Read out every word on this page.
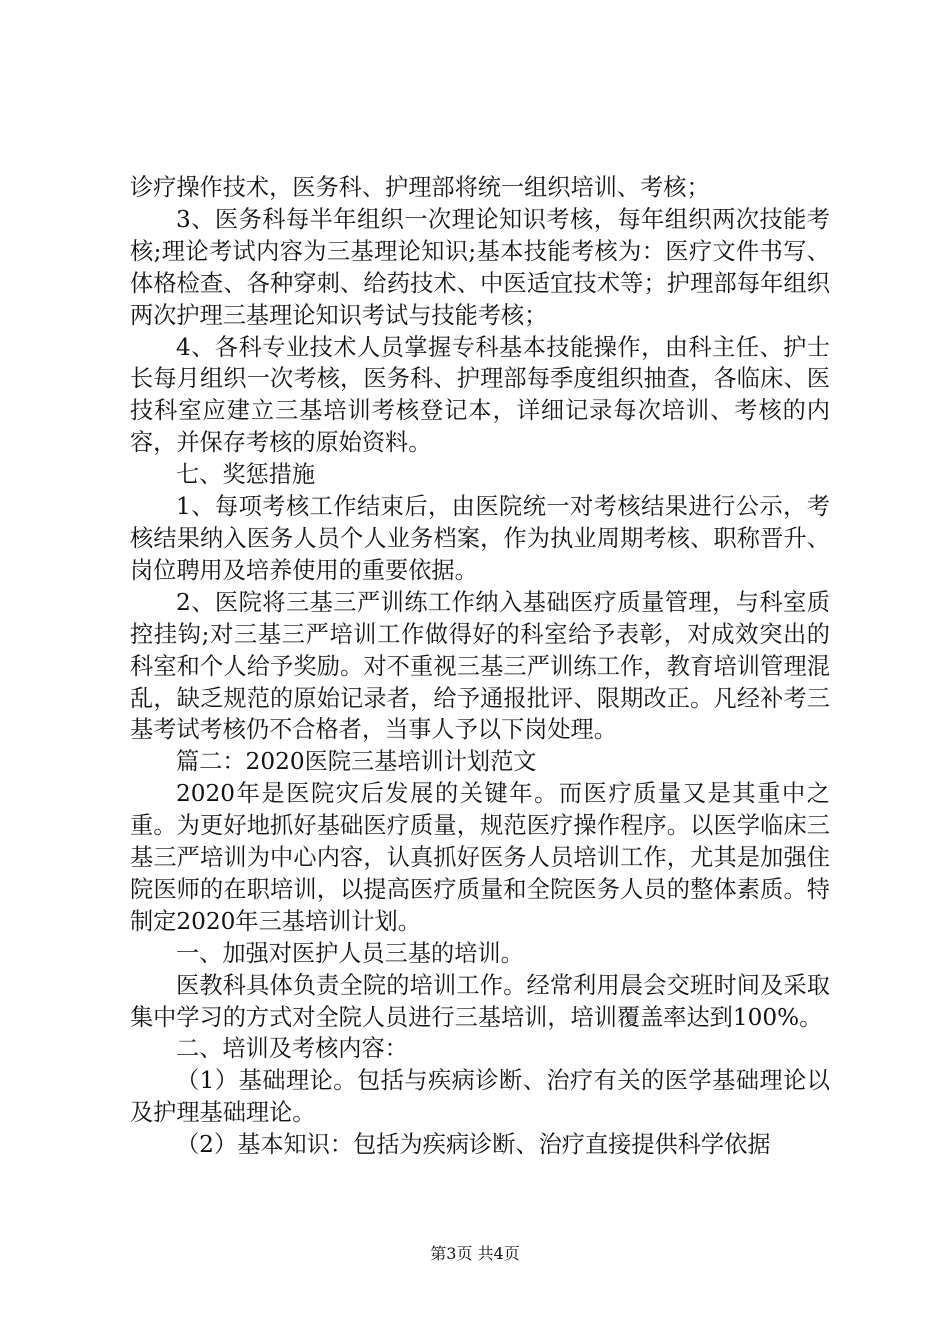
诊疗操作技术，医务科、护理部将统一组织培训、考核；

3、医务科每半年组织一次理论知识考核，每年组织两次技能考核;理论考试内容为三基理论知识;基本技能考核为：医疗文件书写、体格检查、各种穿刺、给药技术、中医适宜技术等；护理部每年组织两次护理三基理论知识考试与技能考核；

4、各科专业技术人员掌握专科基本技能操作，由科主任、护士长每月组织一次考核，医务科、护理部每季度组织抽查，各临床、医技科室应建立三基培训考核登记本，详细记录每次培训、考核的内容，并保存考核的原始资料。

七、奖惩措施

1、每项考核工作结束后，由医院统一对考核结果进行公示，考核结果纳入医务人员个人业务档案，作为执业周期考核、职称晋升、岗位聘用及培养使用的重要依据。

2、医院将三基三严训练工作纳入基础医疗质量管理，与科室质控挂钩;对三基三严培训工作做得好的科室给予表彰，对成效突出的科室和个人给予奖励。对不重视三基三严训练工作，教育培训管理混乱，缺乏规范的原始记录者，给予通报批评、限期改正。凡经补考三基考试考核仍不合格者，当事人予以下岗处理。

篇二：2020医院三基培训计划范文

2020年是医院灾后发展的关键年。而医疗质量又是其重中之重。为更好地抓好基础医疗质量，规范医疗操作程序。以医学临床三基三严培训为中心内容，认真抓好医务人员培训工作，尤其是加强住院医师的在职培训，以提高医疗质量和全院医务人员的整体素质。特制定2020年三基培训计划。

一、加强对医护人员三基的培训。

医教科具体负责全院的培训工作。经常利用晨会交班时间及采取集中学习的方式对全院人员进行三基培训，培训覆盖率达到100%。

二、培训及考核内容：

（1）基础理论。包括与疾病诊断、治疗有关的医学基础理论以及护理基础理论。

（2）基本知识：包括为疾病诊断、治疗直接提供科学依据

第3页 共4页
